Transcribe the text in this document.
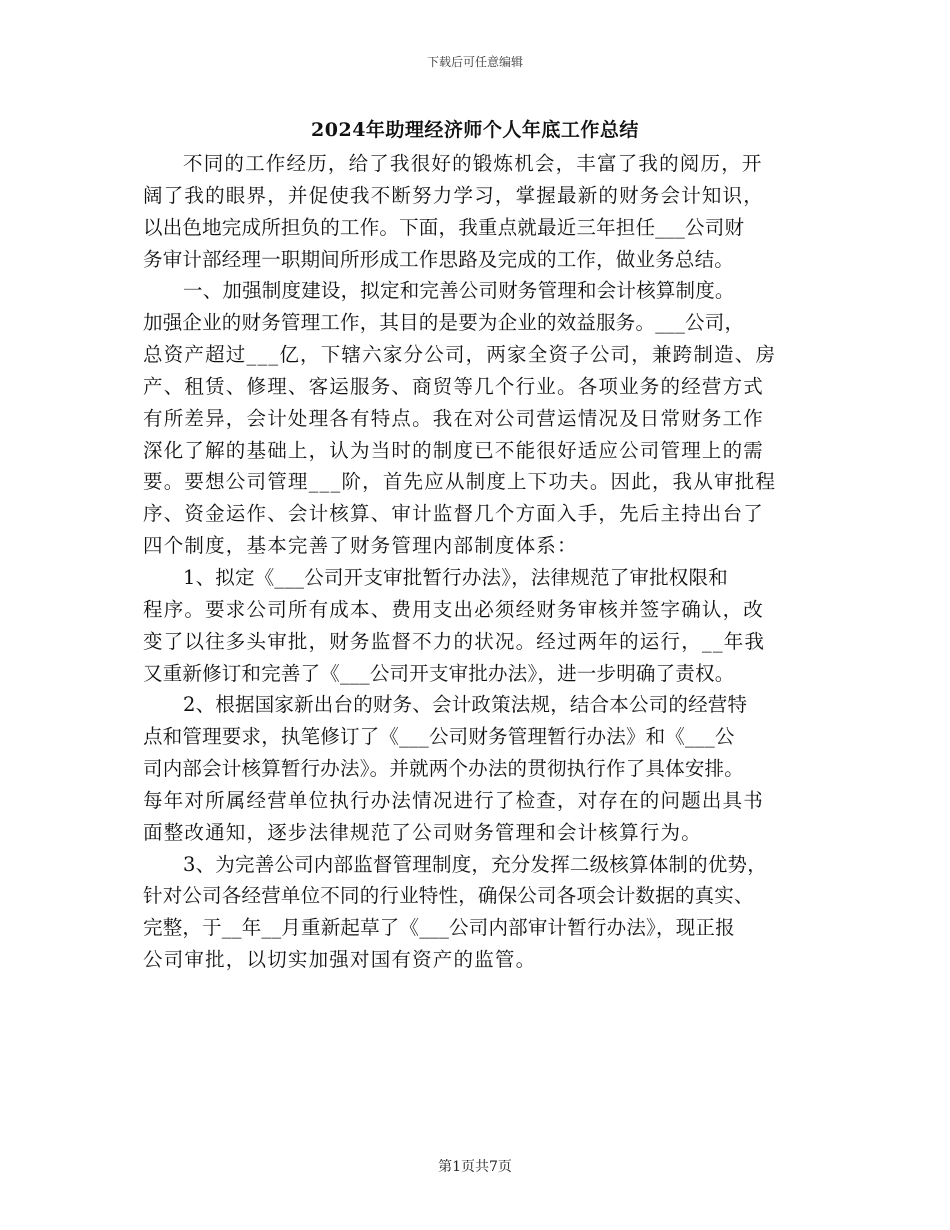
下载后可任意编辑
2024年助理经济师个人年底工作总结
不同的工作经历，给了我很好的锻炼机会，丰富了我的阅历，开
阔了我的眼界，并促使我不断努力学习，掌握最新的财务会计知识，
以出色地完成所担负的工作。下面，我重点就最近三年担任___公司财
务审计部经理一职期间所形成工作思路及完成的工作，做业务总结。
一、加强制度建设，拟定和完善公司财务管理和会计核算制度。
加强企业的财务管理工作，其目的是要为企业的效益服务。___公司，
总资产超过___亿，下辖六家分公司，两家全资子公司，兼跨制造、房
产、租赁、修理、客运服务、商贸等几个行业。各项业务的经营方式
有所差异，会计处理各有特点。我在对公司营运情况及日常财务工作
深化了解的基础上，认为当时的制度已不能很好适应公司管理上的需
要。要想公司管理___阶，首先应从制度上下功夫。因此，我从审批程
序、资金运作、会计核算、审计监督几个方面入手，先后主持出台了
四个制度，基本完善了财务管理内部制度体系：
1、拟定《___公司开支审批暂行办法》，法律规范了审批权限和
程序。要求公司所有成本、费用支出必须经财务审核并签字确认，改
变了以往多头审批，财务监督不力的状况。经过两年的运行，__年我
又重新修订和完善了《___公司开支审批办法》，进一步明确了责权。
2、根据国家新出台的财务、会计政策法规，结合本公司的经营特
点和管理要求，执笔修订了《___公司财务管理暂行办法》和《___公
司内部会计核算暂行办法》。并就两个办法的贯彻执行作了具体安排。
每年对所属经营单位执行办法情况进行了检查，对存在的问题出具书
面整改通知，逐步法律规范了公司财务管理和会计核算行为。
3、为完善公司内部监督管理制度，充分发挥二级核算体制的优势，
针对公司各经营单位不同的行业特性，确保公司各项会计数据的真实、
完整，于__年__月重新起草了《___公司内部审计暂行办法》，现正报
公司审批，以切实加强对国有资产的监管。
第1页共7页
